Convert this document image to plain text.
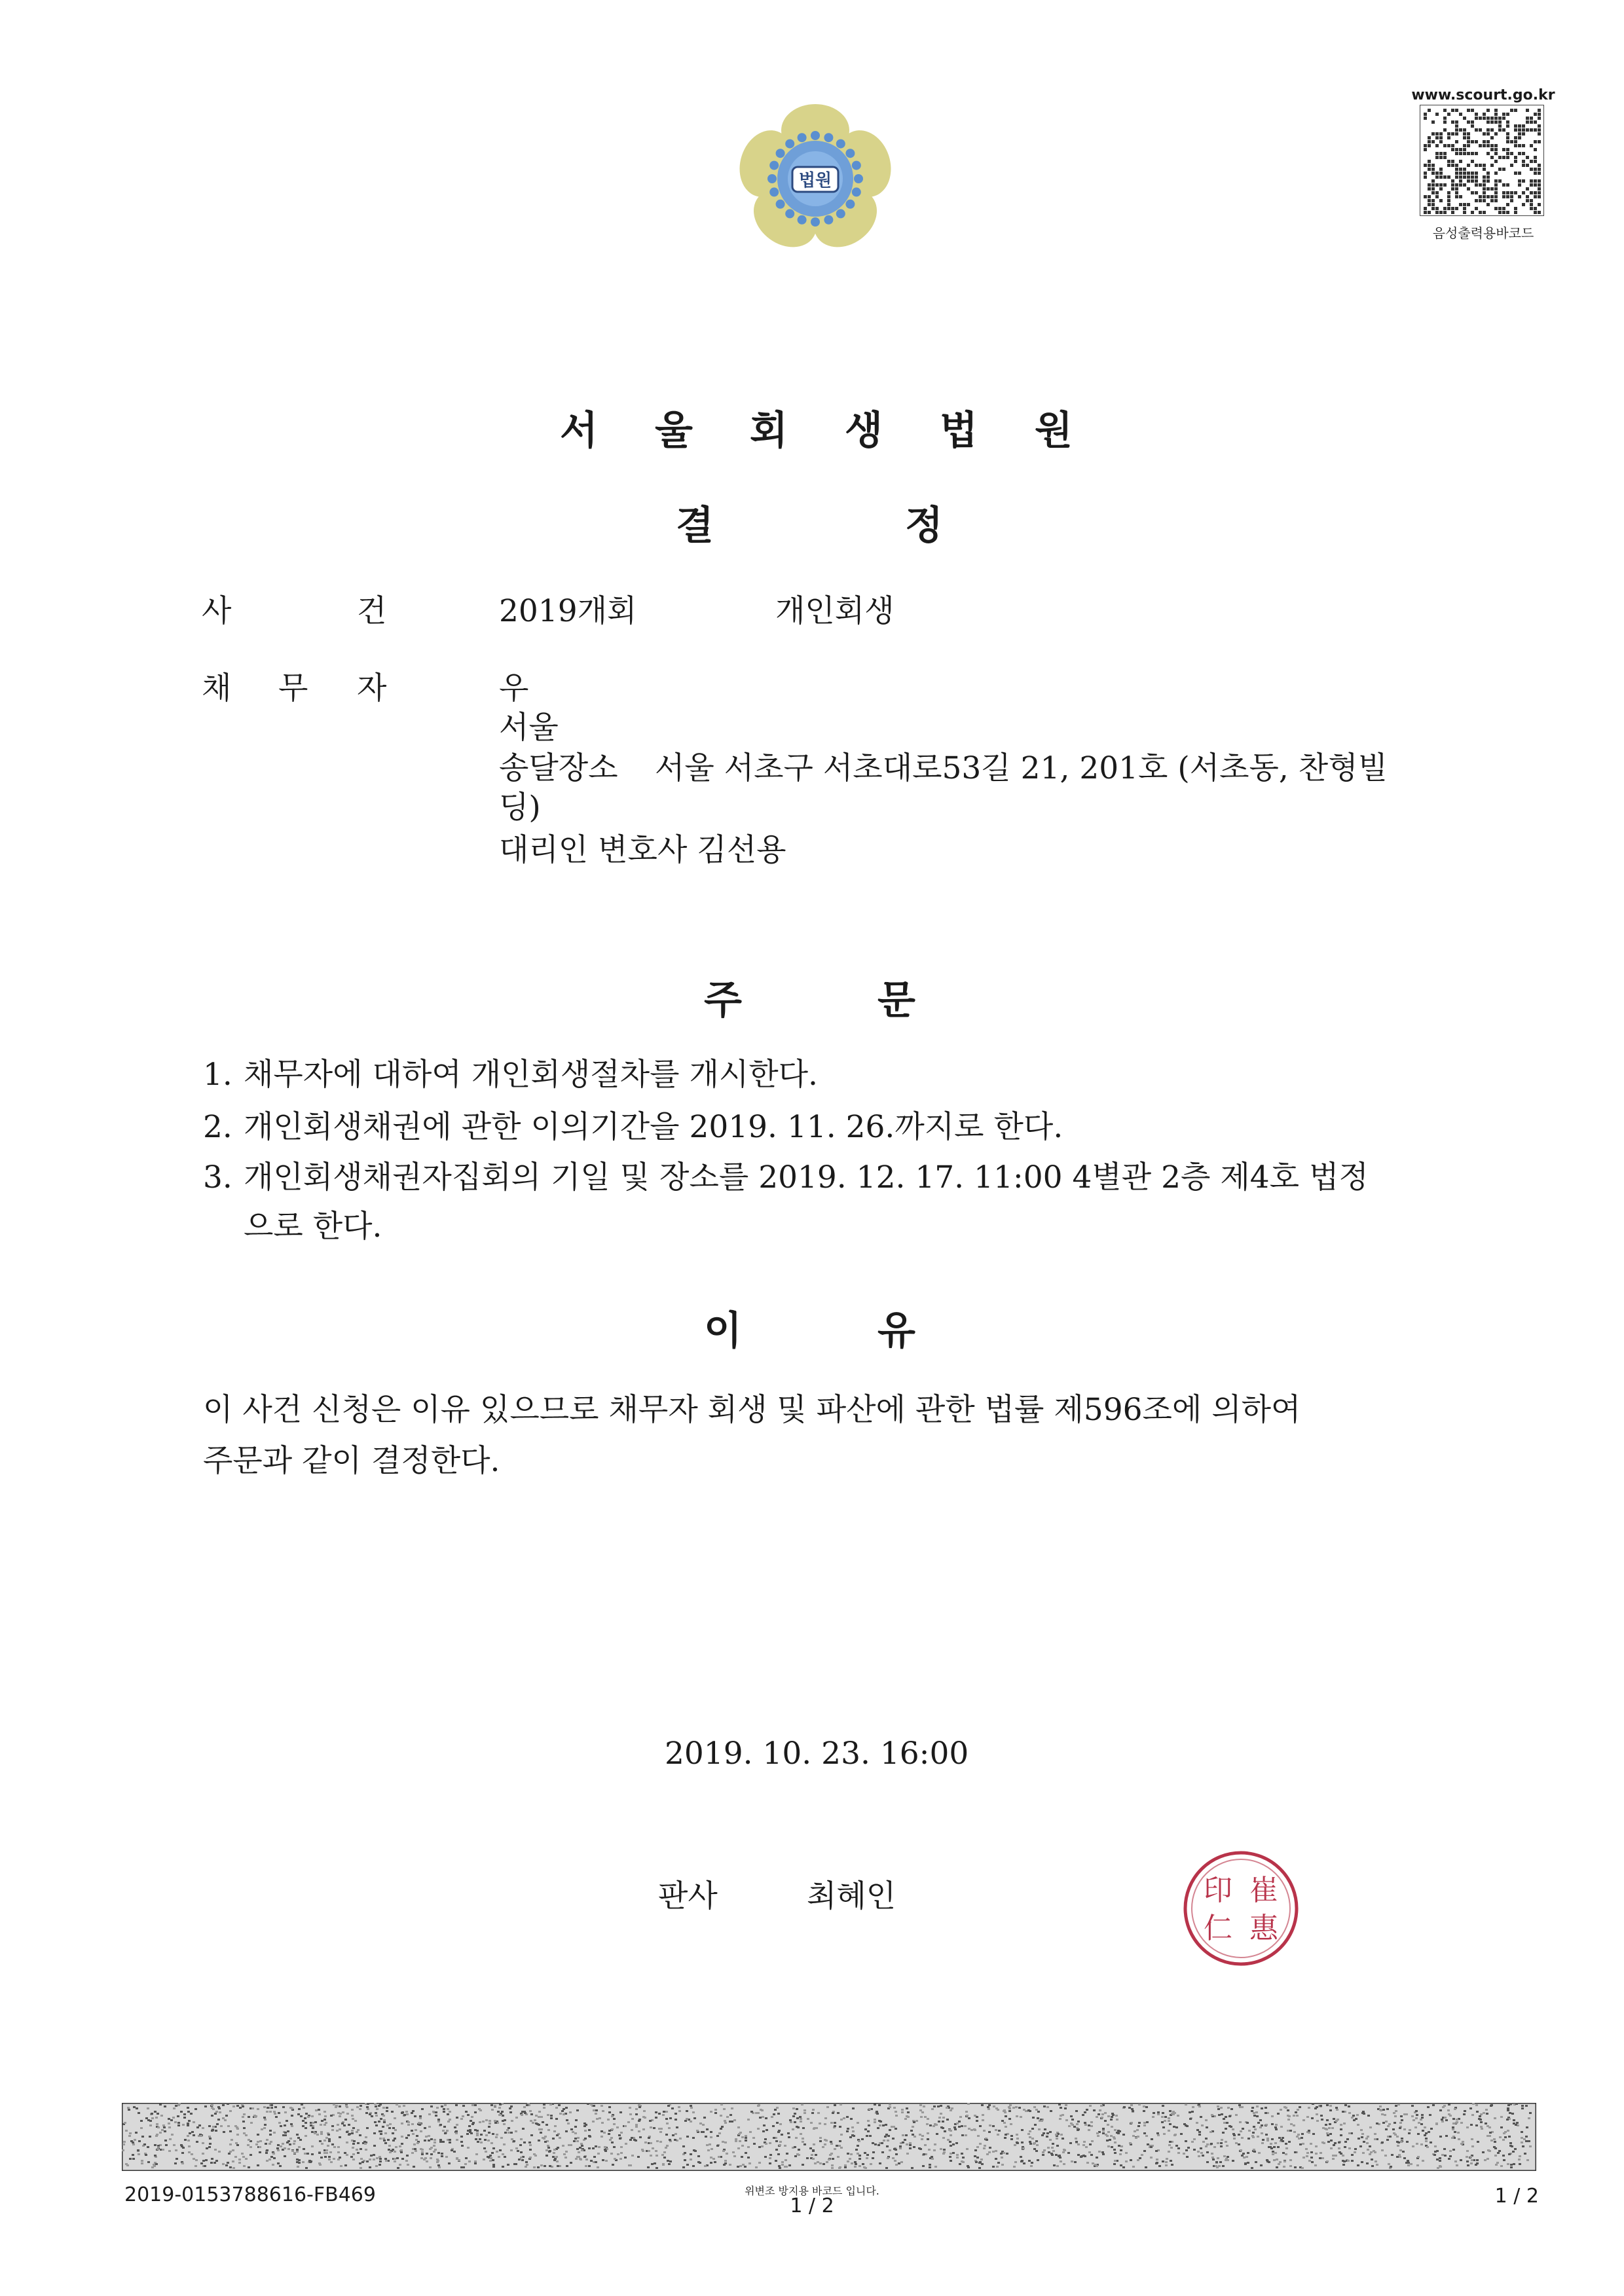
법원
www.scourt.go.kr
음성출력용바코드
서 울 회 생 법 원
결	정
사	건	2019개회	개인회생
채 무 자	우
서울
송달장소 서울 서초구 서초대로53길 21, 201호 (서초동, 찬형빌
딩)
대리인 변호사 김선용
주	문
1. 채무자에 대하여 개인회생절차를 개시한다.
2. 개인회생채권에 관한 이의기간을 2019. 11. 26.까지로 한다.
3. 개인회생채권자집회의 기일 및 장소를 2019. 12. 17. 11:00 4별관 2층 제4호 법정
으로 한다.
이	유
이 사건 신청은 이유 있으므로 채무자 회생 및 파산에 관한 법률 제596조에 의하여
주문과 같이 결정한다.
2019. 10. 23. 16:00
판사	최혜인	印 崔
仁 惠
2019-0153788616-FB469	위변조 방지용 바코드 입니다.
1 / 2	1 / 2
